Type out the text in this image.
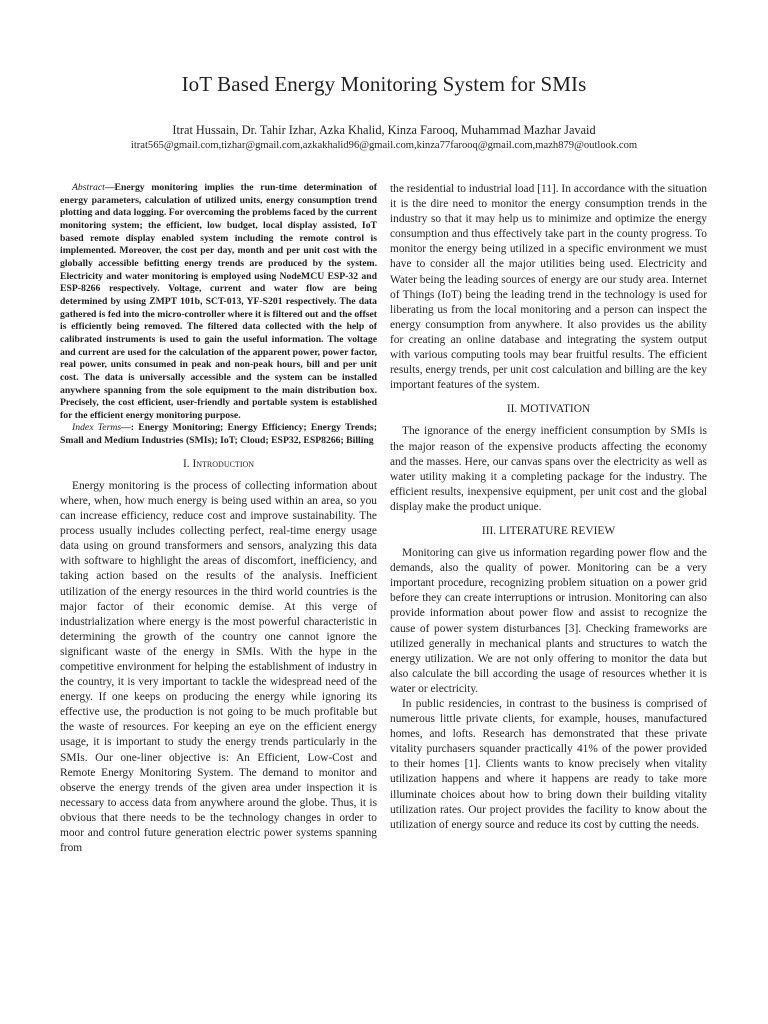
IoT Based Energy Monitoring System for SMIs
Itrat Hussain, Dr. Tahir Izhar, Azka Khalid, Kinza Farooq, Muhammad Mazhar Javaid
itrat565@gmail.com,tizhar@gmail.com,azkakhalid96@gmail.com,kinza77farooq@gmail.com,mazh879@outlook.com

Abstract—Energy monitoring implies the run-time determination of energy parameters, calculation of utilized units, energy consumption trend plotting and data logging. For overcoming the problems faced by the current monitoring system; the efficient, low budget, local display assisted, IoT based remote display enabled system including the remote control is implemented. Moreover, the cost per day, month and per unit cost with the globally accessible befitting energy trends are produced by the system. Electricity and water monitoring is employed using NodeMCU ESP-32 and ESP-8266 respectively. Voltage, current and water flow are being determined by using ZMPT 101b, SCT-013, YF-S201 respectively. The data gathered is fed into the micro-controller where it is filtered out and the offset is efficiently being removed. The filtered data collected with the help of calibrated instruments is used to gain the useful information. The voltage and current are used for the calculation of the apparent power, power factor, real power, units consumed in peak and non-peak hours, bill and per unit cost. The data is universally accessible and the system can be installed anywhere spanning from the sole equipment to the main distribution box. Precisely, the cost efficient, user-friendly and portable system is established for the efficient energy monitoring purpose.

Index Terms—: Energy Monitoring; Energy Efficiency; Energy Trends; Small and Medium Industries (SMIs); IoT; Cloud; ESP32, ESP8266; Billing

I. Introduction

Energy monitoring is the process of collecting information about where, when, how much energy is being used within an area, so you can increase efficiency, reduce cost and improve sustainability. The process usually includes collecting perfect, real-time energy usage data using on ground transformers and sensors, analyzing this data with software to highlight the areas of discomfort, inefficiency, and taking action based on the results of the analysis. Inefficient utilization of the energy resources in the third world countries is the major factor of their economic demise. At this verge of industrialization where energy is the most powerful characteristic in determining the growth of the country one cannot ignore the significant waste of the energy in SMIs. With the hype in the competitive environment for helping the establishment of industry in the country, it is very important to tackle the widespread need of the energy. If one keeps on producing the energy while ignoring its effective use, the production is not going to be much profitable but the waste of resources. For keeping an eye on the efficient energy usage, it is important to study the energy trends particularly in the SMIs. Our one-liner objective is: An Efficient, Low-Cost and Remote Energy Monitoring System. The demand to monitor and observe the energy trends of the given area under inspection it is necessary to access data from anywhere around the globe. Thus, it is obvious that there needs to be the technology changes in order to moor and control future generation electric power systems spanning from

the residential to industrial load [11]. In accordance with the situation it is the dire need to monitor the energy consumption trends in the industry so that it may help us to minimize and optimize the energy consumption and thus effectively take part in the county progress. To monitor the energy being utilized in a specific environment we must have to consider all the major utilities being used. Electricity and Water being the leading sources of energy are our study area. Internet of Things (IoT) being the leading trend in the technology is used for liberating us from the local monitoring and a person can inspect the energy consumption from anywhere. It also provides us the ability for creating an online database and integrating the system output with various computing tools may bear fruitful results. The efficient results, energy trends, per unit cost calculation and billing are the key important features of the system.

II. MOTIVATION

The ignorance of the energy inefficient consumption by SMIs is the major reason of the expensive products affecting the economy and the masses. Here, our canvas spans over the electricity as well as water utility making it a completing package for the industry. The efficient results, inexpensive equipment, per unit cost and the global display make the product unique.

III. LITERATURE REVIEW

Monitoring can give us information regarding power flow and the demands, also the quality of power. Monitoring can be a very important procedure, recognizing problem situation on a power grid before they can create interruptions or intrusion. Monitoring can also provide information about power flow and assist to recognize the cause of power system disturbances [3]. Checking frameworks are utilized generally in mechanical plants and structures to watch the energy utilization. We are not only offering to monitor the data but also calculate the bill according the usage of resources whether it is water or electricity.

In public residencies, in contrast to the business is comprised of numerous little private clients, for example, houses, manufactured homes, and lofts. Research has demonstrated that these private vitality purchasers squander practically 41% of the power provided to their homes [1]. Clients wants to know precisely when vitality utilization happens and where it happens are ready to take more illuminate choices about how to bring down their building vitality utilization rates. Our project provides the facility to know about the utilization of energy source and reduce its cost by cutting the needs.
